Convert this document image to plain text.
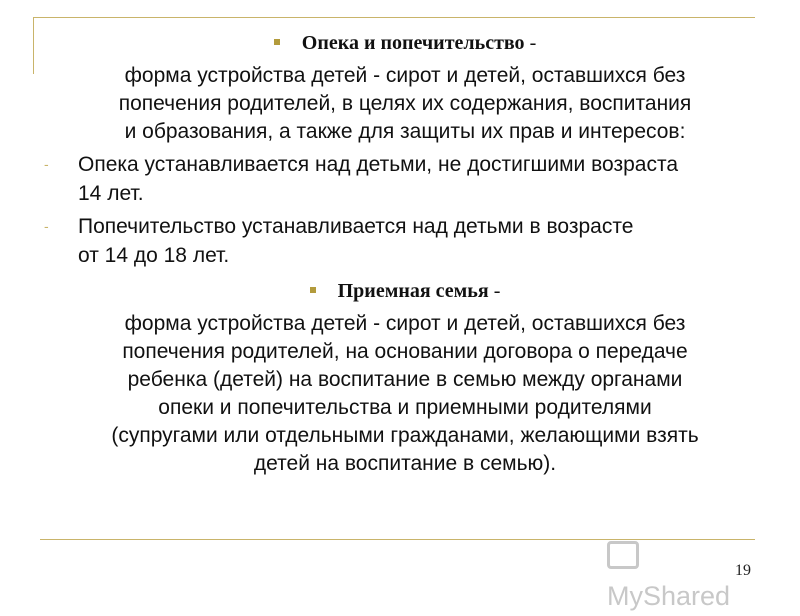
Опека и попечительство -

форма устройства детей - сирот и детей, оставшихся без
попечения родителей, в целях их содержания, воспитания
и образования, а также для защиты их прав и интересов:

- Опека устанавливается над детьми, не достигшими возраста
14 лет.
- Попечительство устанавливается над детьми в возрасте
от 14 до 18 лет.

Приемная семья -

форма устройства детей - сирот и детей, оставшихся без
попечения родителей, на основании договора о передаче
ребенка (детей) на воспитание в семью между органами
опеки и попечительства и приемными родителями
(супругами или отдельными гражданами, желающими взять
детей на воспитание в семью).

MyShared
19
